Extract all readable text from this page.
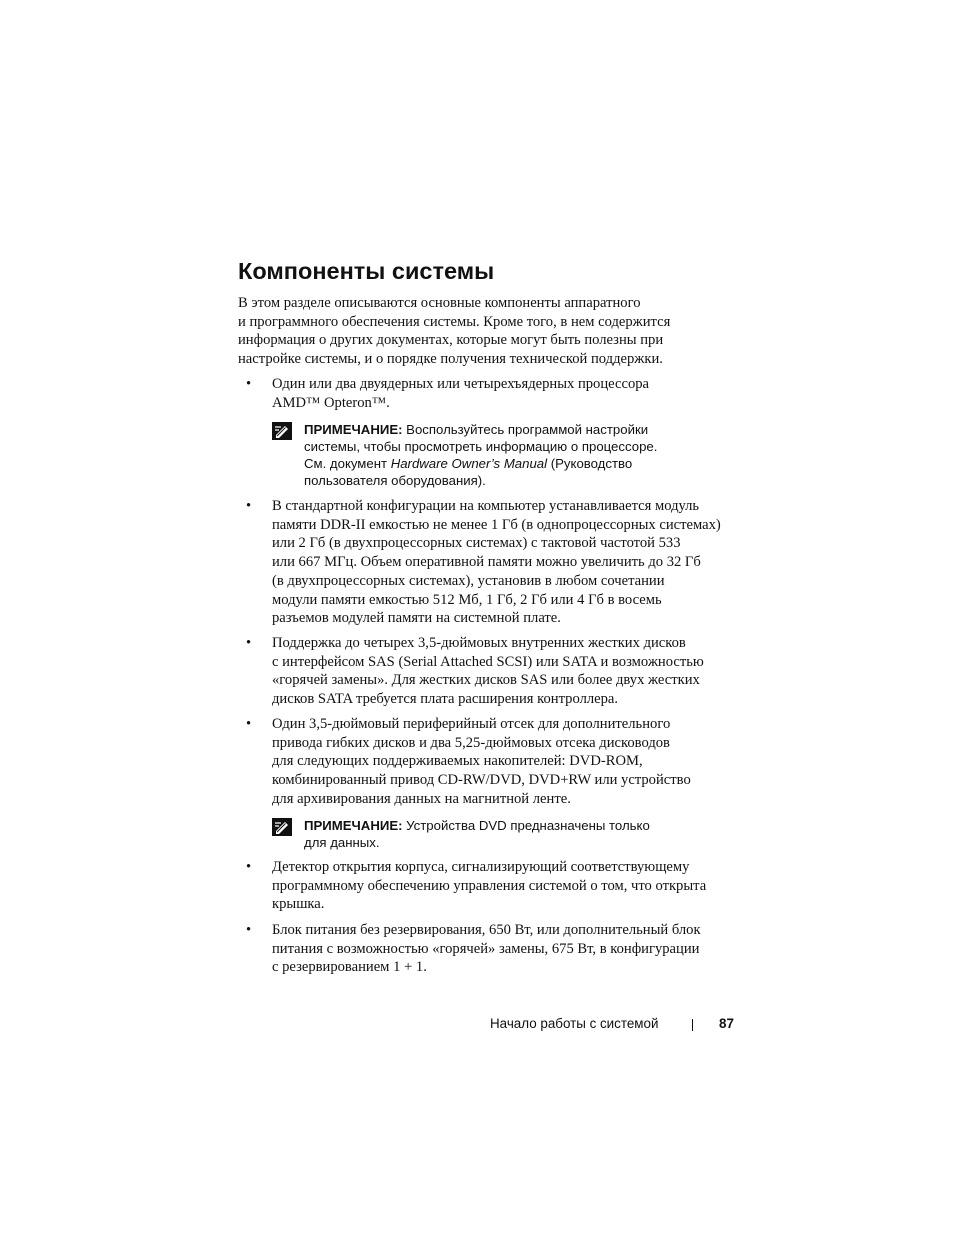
Компоненты системы
В этом разделе описываются основные компоненты аппаратного
и программного обеспечения системы. Кроме того, в нем содержится
информация о других документах, которые могут быть полезны при
настройке системы, и о порядке получения технической поддержки.
• Один или два двуядерных или четырехъядерных процессора
AMD™ Opteron™.
ПРИМЕЧАНИЕ: Воспользуйтесь программой настройки
системы, чтобы просмотреть информацию о процессоре.
См. документ Hardware Owner’s Manual (Руководство
пользователя оборудования).
• В стандартной конфигурации на компьютер устанавливается модуль
памяти DDR-II емкостью не менее 1 Гб (в однопроцессорных системах)
или 2 Гб (в двухпроцессорных системах) с тактовой частотой 533
или 667 МГц. Объем оперативной памяти можно увеличить до 32 Гб
(в двухпроцессорных системах), установив в любом сочетании
модули памяти емкостью 512 Мб, 1 Гб, 2 Гб или 4 Гб в восемь
разъемов модулей памяти на системной плате.
• Поддержка до четырех 3,5-дюймовых внутренних жестких дисков
с интерфейсом SAS (Serial Attached SCSI) или SATA и возможностью
«горячей замены». Для жестких дисков SAS или более двух жестких
дисков SATA требуется плата расширения контроллера.
• Один 3,5-дюймовый периферийный отсек для дополнительного
привода гибких дисков и два 5,25-дюймовых отсека дисководов
для следующих поддерживаемых накопителей: DVD-ROM,
комбинированный привод CD-RW/DVD, DVD+RW или устройство
для архивирования данных на магнитной ленте.
ПРИМЕЧАНИЕ: Устройства DVD предназначены только
для данных.
• Детектор открытия корпуса, сигнализирующий соответствующему
программному обеспечению управления системой о том, что открыта
крышка.
• Блок питания без резервирования, 650 Вт, или дополнительный блок
питания с возможностью «горячей» замены, 675 Вт, в конфигурации
с резервированием 1 + 1.
Начало работы с системой	87
